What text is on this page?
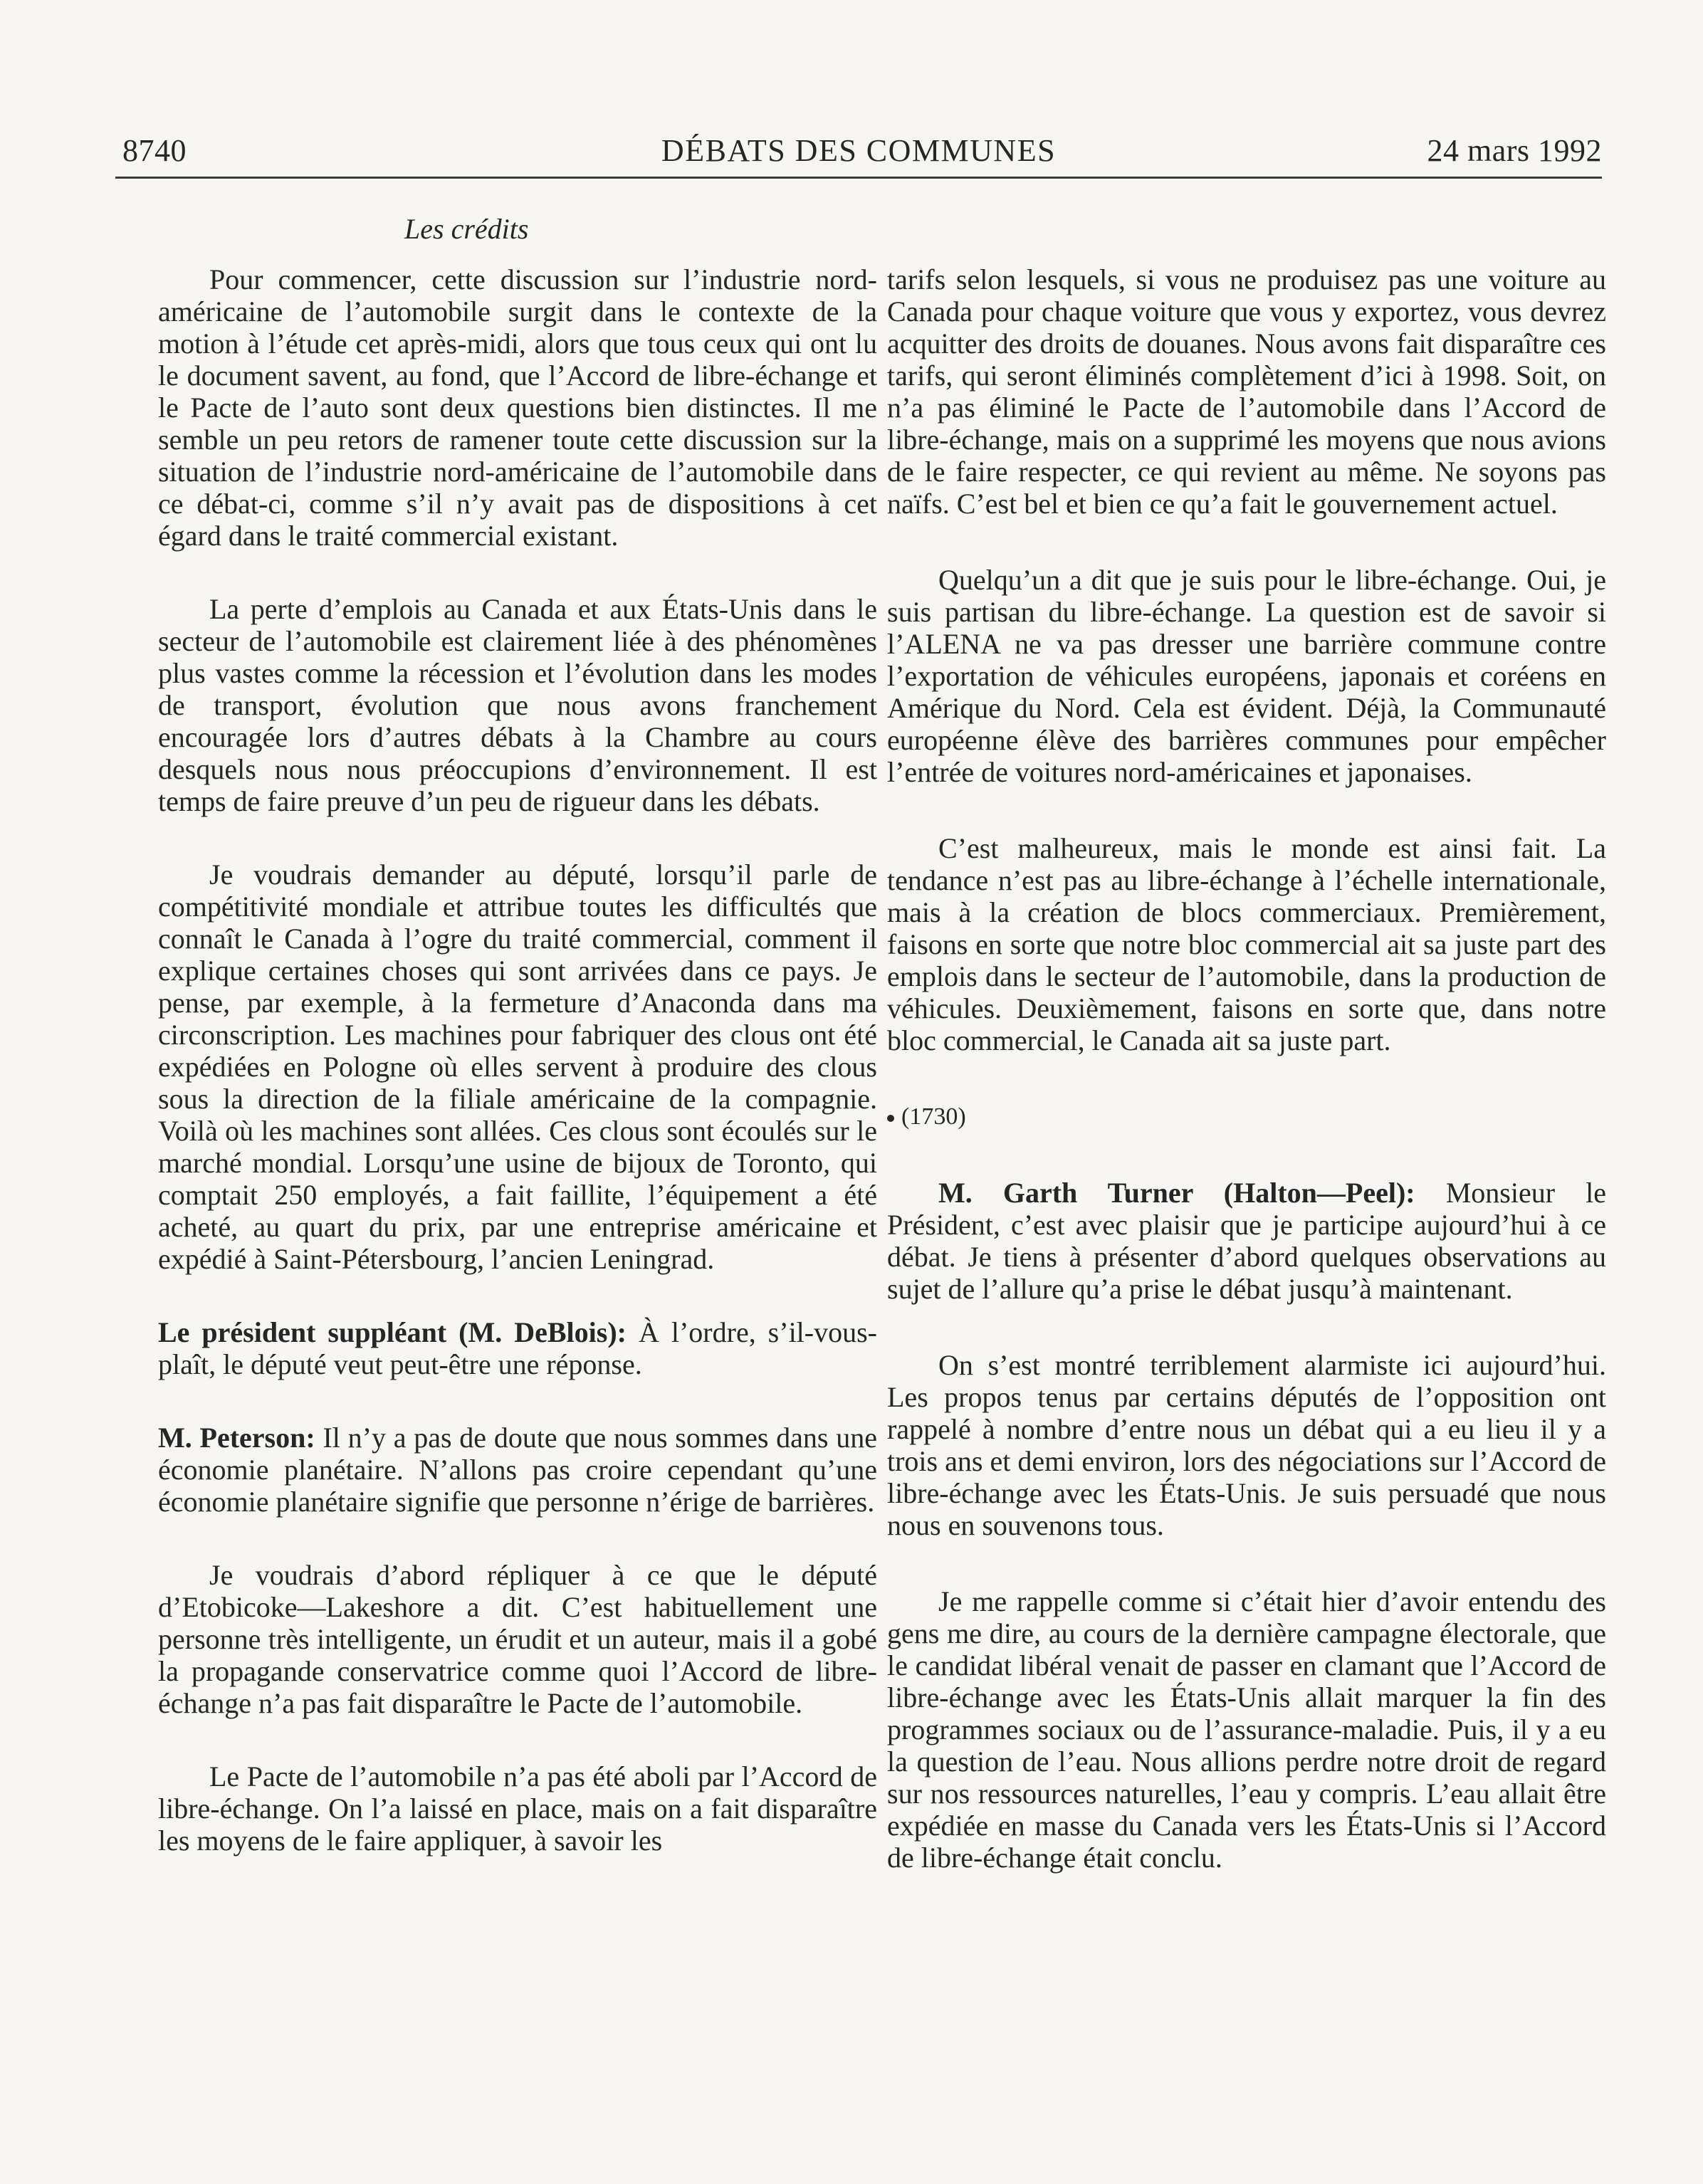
8740	DÉBATS DES COMMUNES	24 mars 1992
Les crédits

Pour commencer, cette discussion sur l’industrie nord-américaine de l’automobile surgit dans le contexte de la motion à l’étude cet après-midi, alors que tous ceux qui ont lu le document savent, au fond, que l’Accord de libre-échange et le Pacte de l’auto sont deux questions bien distinctes. Il me semble un peu retors de ramener toute cette discussion sur la situation de l’industrie nord-américaine de l’automobile dans ce débat-ci, comme s’il n’y avait pas de dispositions à cet égard dans le traité commercial existant.

La perte d’emplois au Canada et aux États-Unis dans le secteur de l’automobile est clairement liée à des phénomènes plus vastes comme la récession et l’évolution dans les modes de transport, évolution que nous avons franchement encouragée lors d’autres débats à la Chambre au cours desquels nous nous préoccupions d’environnement. Il est temps de faire preuve d’un peu de rigueur dans les débats.

Je voudrais demander au député, lorsqu’il parle de compétitivité mondiale et attribue toutes les difficultés que connaît le Canada à l’ogre du traité commercial, comment il explique certaines choses qui sont arrivées dans ce pays. Je pense, par exemple, à la fermeture d’Anaconda dans ma circonscription. Les machines pour fabriquer des clous ont été expédiées en Pologne où elles servent à produire des clous sous la direction de la filiale américaine de la compagnie. Voilà où les machines sont allées. Ces clous sont écoulés sur le marché mondial. Lorsqu’une usine de bijoux de Toronto, qui comptait 250 employés, a fait faillite, l’équipement a été acheté, au quart du prix, par une entreprise américaine et expédié à Saint-Pétersbourg, l’ancien Leningrad.

Le président suppléant (M. DeBlois): À l’ordre, s’il-vous-plaît, le député veut peut-être une réponse.

M. Peterson: Il n’y a pas de doute que nous sommes dans une économie planétaire. N’allons pas croire cependant qu’une économie planétaire signifie que personne n’érige de barrières.

Je voudrais d’abord répliquer à ce que le député d’Etobicoke—Lakeshore a dit. C’est habituellement une personne très intelligente, un érudit et un auteur, mais il a gobé la propagande conservatrice comme quoi l’Accord de libre-échange n’a pas fait disparaître le Pacte de l’automobile.

Le Pacte de l’automobile n’a pas été aboli par l’Accord de libre-échange. On l’a laissé en place, mais on a fait disparaître les moyens de le faire appliquer, à savoir les

tarifs selon lesquels, si vous ne produisez pas une voiture au Canada pour chaque voiture que vous y exportez, vous devrez acquitter des droits de douanes. Nous avons fait disparaître ces tarifs, qui seront éliminés complètement d’ici à 1998. Soit, on n’a pas éliminé le Pacte de l’automobile dans l’Accord de libre-échange, mais on a supprimé les moyens que nous avions de le faire respecter, ce qui revient au même. Ne soyons pas naïfs. C’est bel et bien ce qu’a fait le gouvernement actuel.

Quelqu’un a dit que je suis pour le libre-échange. Oui, je suis partisan du libre-échange. La question est de savoir si l’ALENA ne va pas dresser une barrière commune contre l’exportation de véhicules européens, japonais et coréens en Amérique du Nord. Cela est évident. Déjà, la Communauté européenne élève des barrières communes pour empêcher l’entrée de voitures nord-américaines et japonaises.

C’est malheureux, mais le monde est ainsi fait. La tendance n’est pas au libre-échange à l’échelle internationale, mais à la création de blocs commerciaux. Premièrement, faisons en sorte que notre bloc commercial ait sa juste part des emplois dans le secteur de l’automobile, dans la production de véhicules. Deuxièmement, faisons en sorte que, dans notre bloc commercial, le Canada ait sa juste part.

(1730)

M. Garth Turner (Halton—Peel): Monsieur le Président, c’est avec plaisir que je participe aujourd’hui à ce débat. Je tiens à présenter d’abord quelques observations au sujet de l’allure qu’a prise le débat jusqu’à maintenant.

On s’est montré terriblement alarmiste ici aujourd’hui. Les propos tenus par certains députés de l’opposition ont rappelé à nombre d’entre nous un débat qui a eu lieu il y a trois ans et demi environ, lors des négociations sur l’Accord de libre-échange avec les États-Unis. Je suis persuadé que nous nous en souvenons tous.

Je me rappelle comme si c’était hier d’avoir entendu des gens me dire, au cours de la dernière campagne électorale, que le candidat libéral venait de passer en clamant que l’Accord de libre-échange avec les États-Unis allait marquer la fin des programmes sociaux ou de l’assurance-maladie. Puis, il y a eu la question de l’eau. Nous allions perdre notre droit de regard sur nos ressources naturelles, l’eau y compris. L’eau allait être expédiée en masse du Canada vers les États-Unis si l’Accord de libre-échange était conclu.
